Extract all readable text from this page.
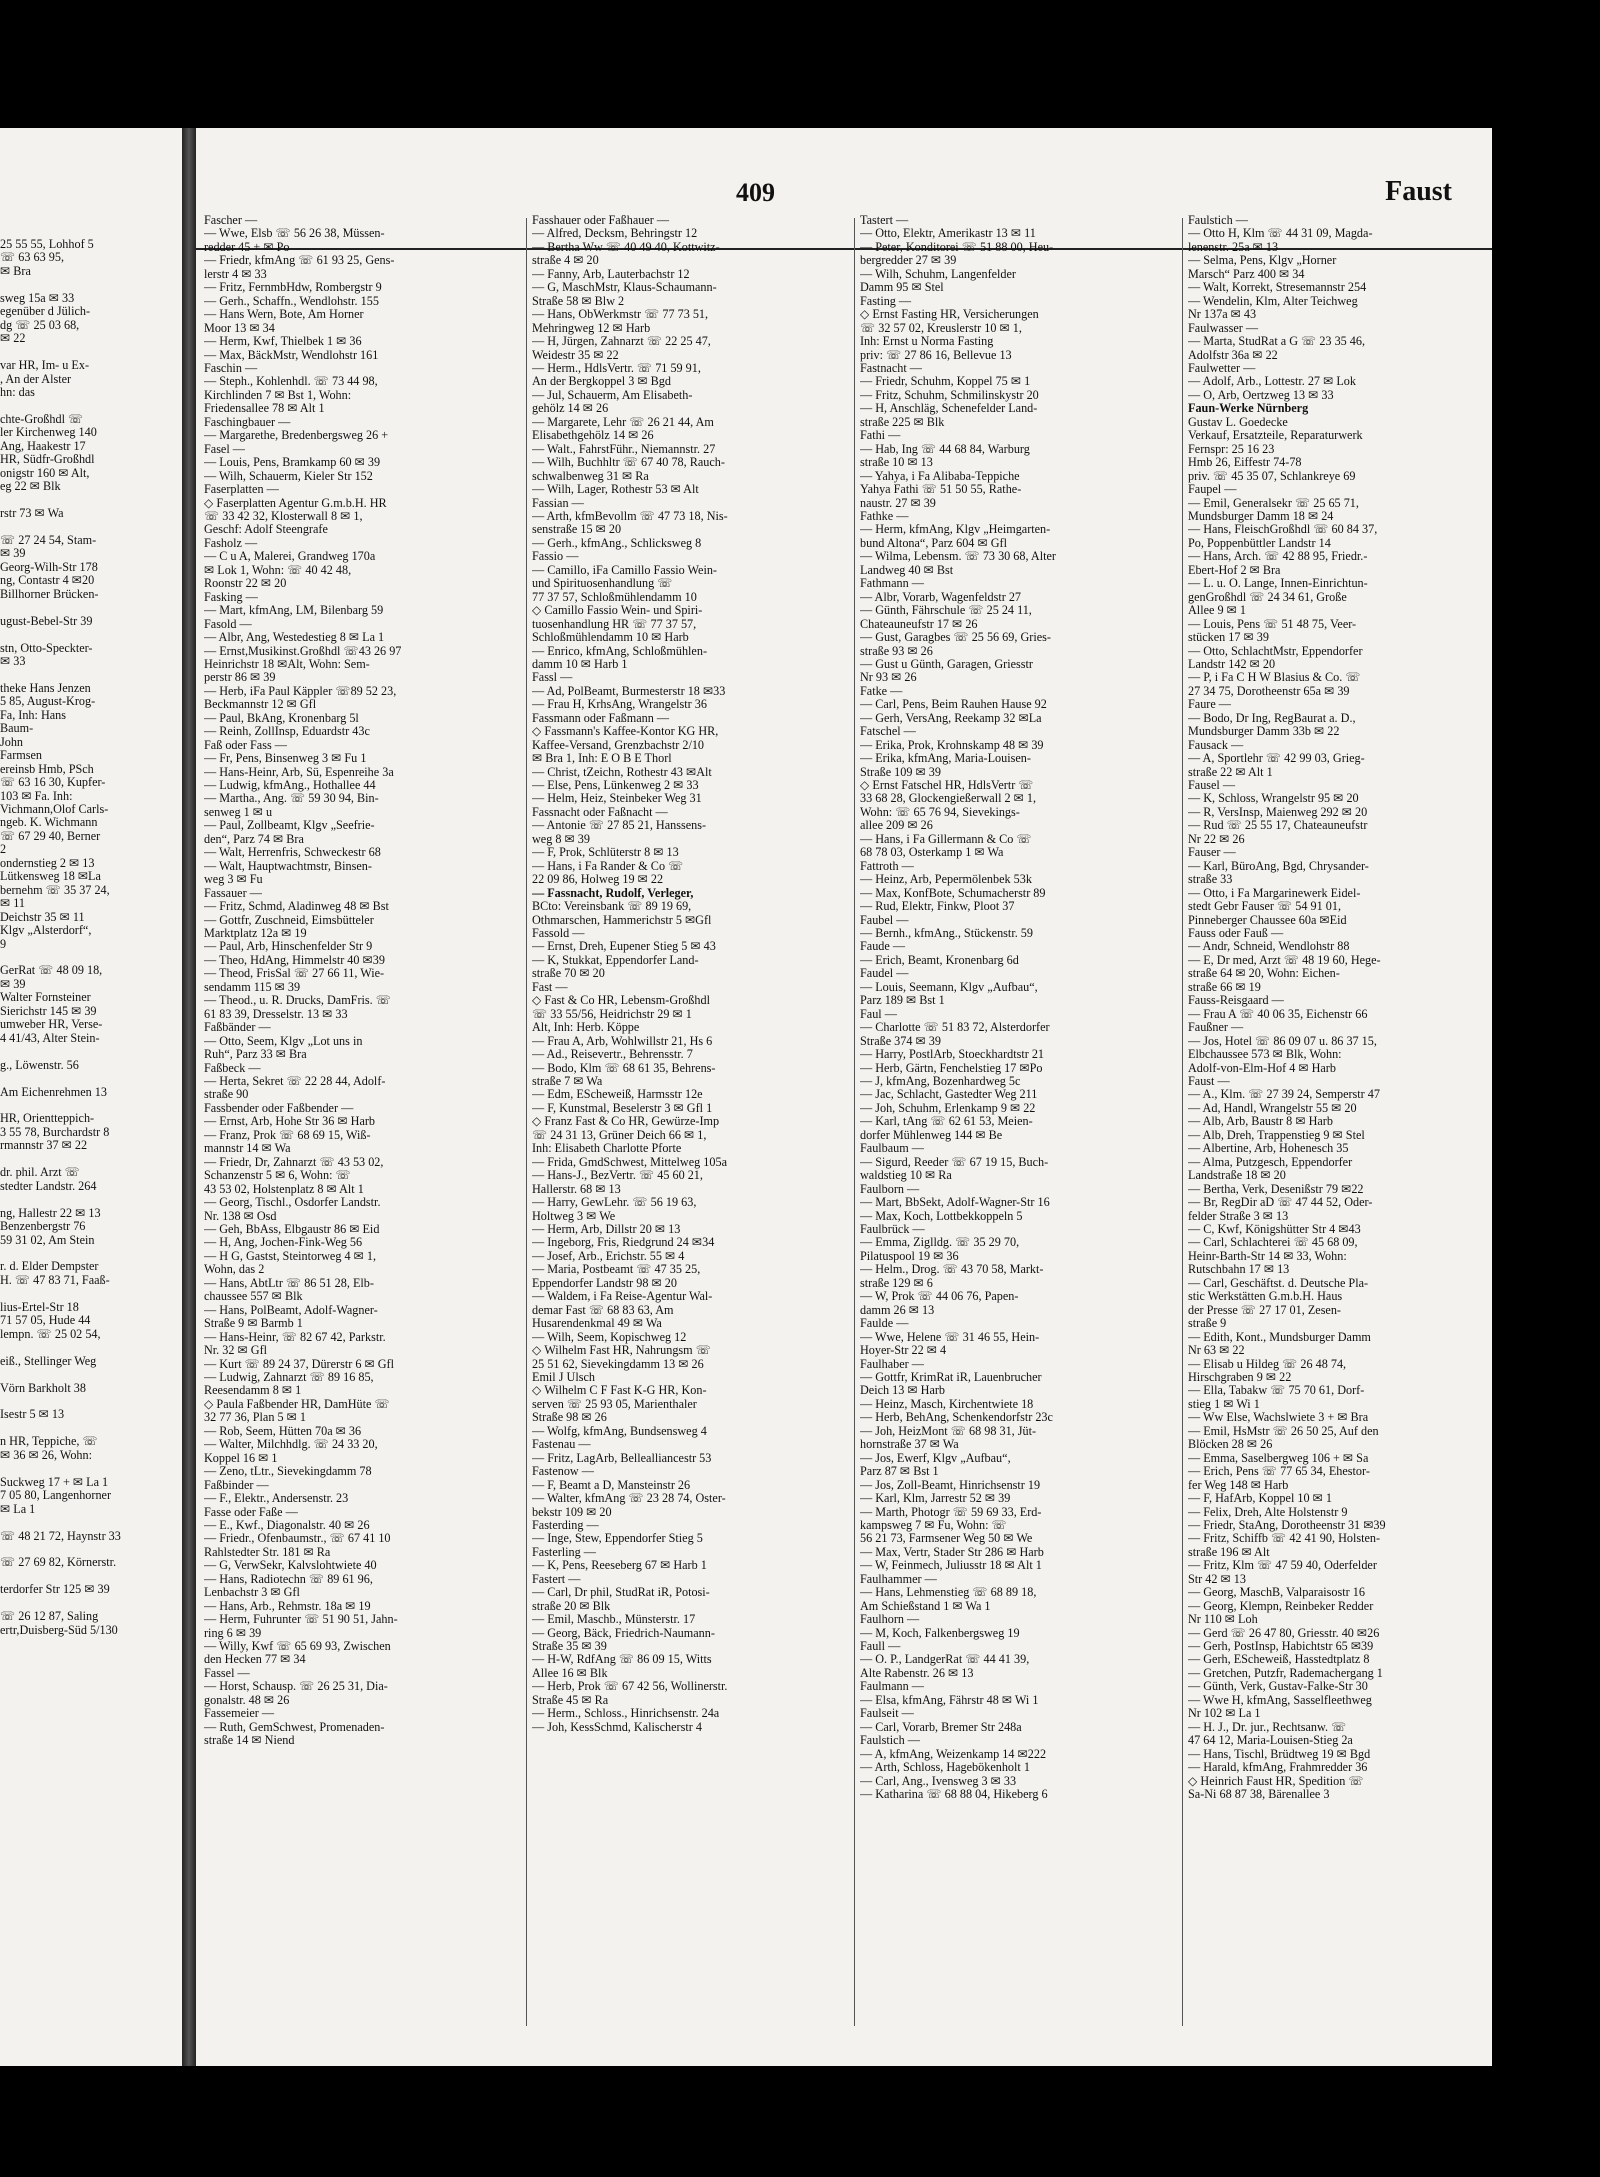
25 55 55, Lohhof 5
☏ 63 63 95,
✉ Bra

sweg 15a ✉ 33
egenüber d Jülich-
dg ☏ 25 03 68,
✉ 22

var HR, Im- u Ex-
, An der Alster
hn: das

chte-Großhdl ☏
ler Kirchenweg 140
Ang, Haakestr 17
HR, Südfr-Großhdl
onigstr 160 ✉ Alt,
eg 22 ✉ Blk

rstr 73 ✉ Wa

☏ 27 24 54, Stam-
✉ 39
Georg-Wilh-Str 178
ng, Contastr 4 ✉20
Billhorner Brücken-

ugust-Bebel-Str 39

stn, Otto-Speckter-
✉ 33

theke Hans Jenzen
5 85, August-Krog-
Fa, Inh: Hans
Baum-
John
Farmsen
ereinsb Hmb, PSch
☏ 63 16 30, Kupfer-
103 ✉ Fa. Inh:
Vichmann,Olof Carls-
ngeb. K. Wichmann
☏ 67 29 40, Berner
2
ondernstieg 2 ✉ 13
Lütkensweg 18 ✉La
bernehm ☏ 35 37 24,
✉ 11
Deichstr 35 ✉ 11
Klgv „Alsterdorf“,
9

GerRat ☏ 48 09 18,
✉ 39
Walter Fornsteiner
Sierichstr 145 ✉ 39
umweber HR, Verse-
4 41/43, Alter Stein-

g., Löwenstr. 56

Am Eichenrehmen 13

HR, Orientteppich-
3 55 78, Burchardstr 8
rmannstr 37 ✉ 22

dr. phil. Arzt ☏
stedter Landstr. 264

ng, Hallestr 22 ✉ 13
Benzenbergstr 76
59 31 02, Am Stein

r. d. Elder Dempster
H. ☏ 47 83 71, Faaß-

lius-Ertel-Str 18
71 57 05, Hude 44
lempn. ☏ 25 02 54,

eiß., Stellinger Weg

Vörn Barkholt 38

Isestr 5 ✉ 13

n HR, Teppiche, ☏
✉ 36 ✉ 26, Wohn:

Suckweg 17 + ✉ La 1
7 05 80, Langenhorner
✉ La 1

☏ 48 21 72, Haynstr 33

☏ 27 69 82, Körnerstr.

terdorfer Str 125 ✉ 39

☏ 26 12 87, Saling
ertr,Duisberg-Süd 5/130
409	Faust
Fascher —
— Wwe, Elsb ☏ 56 26 38, Müssen-
redder 45 + ✉ Po
— Friedr, kfmAng ☏ 61 93 25, Gens-
lerstr 4 ✉ 33
— Fritz, FernmbHdw, Rombergstr 9
— Gerh., Schaffn., Wendlohstr. 155
— Hans Wern, Bote, Am Horner
Moor 13 ✉ 34
— Herm, Kwf, Thielbek 1 ✉ 36
— Max, BäckMstr, Wendlohstr 161
Faschin —
— Steph., Kohlenhdl. ☏ 73 44 98,
Kirchlinden 7 ✉ Bst 1, Wohn:
Friedensallee 78 ✉ Alt 1
Faschingbauer —
— Margarethe, Bredenbergsweg 26 +
Fasel —
— Louis, Pens, Bramkamp 60 ✉ 39
— Wilh, Schauerm, Kieler Str 152
Faserplatten —
◇ Faserplatten Agentur G.m.b.H. HR
☏ 33 42 32, Klosterwall 8 ✉ 1,
Geschf: Adolf Steengrafe
Fasholz —
— C u A, Malerei, Grandweg 170a
✉ Lok 1, Wohn: ☏ 40 42 48,
Roonstr 22 ✉ 20
Fasking —
— Mart, kfmAng, LM, Bilenbarg 59
Fasold —
— Albr, Ang, Westedestieg 8 ✉ La 1
— Ernst,Musikinst.Großhdl ☏43 26 97
Heinrichstr 18 ✉Alt, Wohn: Sem-
perstr 86 ✉ 39
— Herb, iFa Paul Käppler ☏89 52 23,
Beckmannstr 12 ✉ Gfl
— Paul, BkAng, Kronenbarg 5l
— Reinh, ZollInsp, Eduardstr 43c
Faß oder Fass —
— Fr, Pens, Binsenweg 3 ✉ Fu 1
— Hans-Heinr, Arb, Sü, Espenreihe 3a
— Ludwig, kfmAng., Hothallee 44
— Martha., Ang. ☏ 59 30 94, Bin-
senweg 1 ✉ u
— Paul, Zollbeamt, Klgv „Seefrie-
den“, Parz 74 ✉ Bra
— Walt, Herrenfris, Schweckestr 68
— Walt, Hauptwachtmstr, Binsen-
weg 3 ✉ Fu
Fassauer —
— Fritz, Schmd, Aladinweg 48 ✉ Bst
— Gottfr, Zuschneid, Eimsbütteler
Marktplatz 12a ✉ 19
— Paul, Arb, Hinschenfelder Str 9
— Theo, HdAng, Himmelstr 40 ✉39
— Theod, FrisSal ☏ 27 66 11, Wie-
sendamm 115 ✉ 39
— Theod., u. R. Drucks, DamFris. ☏
61 83 39, Dresselstr. 13 ✉ 33
Faßbänder —
— Otto, Seem, Klgv „Lot uns in
Ruh“, Parz 33 ✉ Bra
Faßbeck —
— Herta, Sekret ☏ 22 28 44, Adolf-
straße 90
Fassbender oder Faßbender —
— Ernst, Arb, Hohe Str 36 ✉ Harb
— Franz, Prok ☏ 68 69 15, Wiß-
mannstr 14 ✉ Wa
— Friedr, Dr, Zahnarzt ☏ 43 53 02,
Schanzenstr 5 ✉ 6, Wohn: ☏
43 53 02, Holstenplatz 8 ✉ Alt 1
— Georg, Tischl., Osdorfer Landstr.
Nr. 138 ✉ Osd
— Geh, BbAss, Elbgaustr 86 ✉ Eid
— H, Ang, Jochen-Fink-Weg 56
— H G, Gastst, Steintorweg 4 ✉ 1,
Wohn, das 2
— Hans, AbtLtr ☏ 86 51 28, Elb-
chaussee 557 ✉ Blk
— Hans, PolBeamt, Adolf-Wagner-
Straße 9 ✉ Barmb 1
— Hans-Heinr, ☏ 82 67 42, Parkstr.
Nr. 32 ✉ Gfl
— Kurt ☏ 89 24 37, Dürerstr 6 ✉ Gfl
— Ludwig, Zahnarzt ☏ 89 16 85,
Reesendamm 8 ✉ 1
◇ Paula Faßbender HR, DamHüte ☏
32 77 36, Plan 5 ✉ 1
— Rob, Seem, Hütten 70a ✉ 36
— Walter, Milchhdlg. ☏ 24 33 20,
Koppel 16 ✉ 1
— Zeno, tLtr., Sievekingdamm 78
Faßbinder —
— F., Elektr., Andersenstr. 23
Fasse oder Faße —
— E., Kwf., Diagonalstr. 40 ✉ 26
— Friedr., Ofenbaumstr., ☏ 67 41 10
Rahlstedter Str. 181 ✉ Ra
— G, VerwSekr, Kalvslohtwiete 40
— Hans, Radiotechn ☏ 89 61 96,
Lenbachstr 3 ✉ Gfl
— Hans, Arb., Rehmstr. 18a ✉ 19
— Herm, Fuhrunter ☏ 51 90 51, Jahn-
ring 6 ✉ 39
— Willy, Kwf ☏ 65 69 93, Zwischen
den Hecken 77 ✉ 34
Fassel —
— Horst, Schausp. ☏ 26 25 31, Dia-
gonalstr. 48 ✉ 26
Fassemeier —
— Ruth, GemSchwest, Promenaden-
straße 14 ✉ Niend
Fasshauer oder Faßhauer —
— Alfred, Decksm, Behringstr 12
— Bertha Ww ☏ 40 49 40, Kottwitz-
straße 4 ✉ 20
— Fanny, Arb, Lauterbachstr 12
— G, MaschMstr, Klaus-Schaumann-
Straße 58 ✉ Blw 2
— Hans, ObWerkmstr ☏ 77 73 51,
Mehringweg 12 ✉ Harb
— H, Jürgen, Zahnarzt ☏ 22 25 47,
Weidestr 35 ✉ 22
— Herm., HdlsVertr. ☏ 71 59 91,
An der Bergkoppel 3 ✉ Bgd
— Jul, Schauerm, Am Elisabeth-
gehölz 14 ✉ 26
— Margarete, Lehr ☏ 26 21 44, Am
Elisabethgehölz 14 ✉ 26
— Walt., FahrstFühr., Niemannstr. 27
— Wilh, Buchhltr ☏ 67 40 78, Rauch-
schwalbenweg 31 ✉ Ra
— Wilh, Lager, Rothestr 53 ✉ Alt
Fassian —
— Arth, kfmBevollm ☏ 47 73 18, Nis-
senstraße 15 ✉ 20
— Gerh., kfmAng., Schlicksweg 8
Fassio —
— Camillo, iFa Camillo Fassio Wein-
und Spirituosenhandlung ☏
77 37 57, Schloßmühlendamm 10
◇ Camillo Fassio Wein- und Spiri-
tuosenhandlung HR ☏ 77 37 57,
Schloßmühlendamm 10 ✉ Harb
— Enrico, kfmAng, Schloßmühlen-
damm 10 ✉ Harb 1
Fassl —
— Ad, PolBeamt, Burmesterstr 18 ✉33
— Frau H, KrhsAng, Wrangelstr 36
Fassmann oder Faßmann —
◇ Fassmann's Kaffee-Kontor KG HR,
Kaffee-Versand, Grenzbachstr 2/10
✉ Bra 1, Inh: E O B E Thorl
— Christ, tZeichn, Rothestr 43 ✉Alt
— Else, Pens, Lünkenweg 2 ✉ 33
— Helm, Heiz, Steinbeker Weg 31
Fassnacht oder Faßnacht —
— Antonie ☏ 27 85 21, Hanssens-
weg 8 ✉ 39
— F, Prok, Schlüterstr 8 ✉ 13
— Hans, i Fa Rander & Co ☏
22 09 86, Holweg 19 ✉ 22
— Fassnacht, Rudolf, Verleger,
BCto: Vereinsbank ☏ 89 19 69,
Othmarschen, Hammerichstr 5 ✉Gfl
Fassold —
— Ernst, Dreh, Eupener Stieg 5 ✉ 43
— K, Stukkat, Eppendorfer Land-
straße 70 ✉ 20
Fast —
◇ Fast & Co HR, Lebensm-Großhdl
☏ 33 55/56, Heidrichstr 29 ✉ 1
Alt, Inh: Herb. Köppe
— Frau A, Arb, Wohlwillstr 21, Hs 6
— Ad., Reisevertr., Behrensstr. 7
— Bodo, Klm ☏ 68 61 35, Behrens-
straße 7 ✉ Wa
— Edm, EScheweiß, Harmsstr 12e
— F, Kunstmal, Beselerstr 3 ✉ Gfl 1
◇ Franz Fast & Co HR, Gewürze-Imp
☏ 24 31 13, Grüner Deich 66 ✉ 1,
Inh: Elisabeth Charlotte Pforte
— Frida, GmdSchwest, Mittelweg 105a
— Hans-J., BezVertr. ☏ 45 60 21,
Hallerstr. 68 ✉ 13
— Harry, GewLehr. ☏ 56 19 63,
Holtweg 3 ✉ We
— Herm, Arb, Dillstr 20 ✉ 13
— Ingeborg, Fris, Riedgrund 24 ✉34
— Josef, Arb., Erichstr. 55 ✉ 4
— Maria, Postbeamt ☏ 47 35 25,
Eppendorfer Landstr 98 ✉ 20
— Waldem, i Fa Reise-Agentur Wal-
demar Fast ☏ 68 83 63, Am
Husarendenkmal 49 ✉ Wa
— Wilh, Seem, Kopischweg 12
◇ Wilhelm Fast HR, Nahrungsm ☏
25 51 62, Sievekingdamm 13 ✉ 26
Emil J Ulsch
◇ Wilhelm C F Fast K-G HR, Kon-
serven ☏ 25 93 05, Marienthaler
Straße 98 ✉ 26
— Wolfg, kfmAng, Bundsensweg 4
Fastenau —
— Fritz, LagArb, Bellealliancestr 53
Fastenow —
— F, Beamt a D, Mansteinstr 26
— Walter, kfmAng ☏ 23 28 74, Oster-
bekstr 109 ✉ 20
Fasterding —
— Inge, Stew, Eppendorfer Stieg 5
Fasterling —
— K, Pens, Reeseberg 67 ✉ Harb 1
Fastert —
— Carl, Dr phil, StudRat iR, Potosi-
straße 20 ✉ Blk
— Emil, Maschb., Münsterstr. 17
— Georg, Bäck, Friedrich-Naumann-
Straße 35 ✉ 39
— H-W, RdfAng ☏ 86 09 15, Witts
Allee 16 ✉ Blk
— Herb, Prok ☏ 67 42 56, Wollinerstr.
Straße 45 ✉ Ra
— Herm., Schloss., Hinrichsenstr. 24a
— Joh, KessSchmd, Kalischerstr 4
Tastert —
— Otto, Elektr, Amerikastr 13 ✉ 11
— Peter, Konditorei ☏ 51 88 00, Heu-
bergredder 27 ✉ 39
— Wilh, Schuhm, Langenfelder
Damm 95 ✉ Stel
Fasting —
◇ Ernst Fasting HR, Versicherungen
☏ 32 57 02, Kreuslerstr 10 ✉ 1,
Inh: Ernst u Norma Fasting
priv: ☏ 27 86 16, Bellevue 13
Fastnacht —
— Friedr, Schuhm, Koppel 75 ✉ 1
— Fritz, Schuhm, Schmilinskystr 20
— H, Anschläg, Schenefelder Land-
straße 225 ✉ Blk
Fathi —
— Hab, Ing ☏ 44 68 84, Warburg
straße 10 ✉ 13
— Yahya, i Fa Alibaba-Teppiche
Yahya Fathi ☏ 51 50 55, Rathe-
naustr. 27 ✉ 39
Fathke —
— Herm, kfmAng, Klgv „Heimgarten-
bund Altona“, Parz 604 ✉ Gfl
— Wilma, Lebensm. ☏ 73 30 68, Alter
Landweg 40 ✉ Bst
Fathmann —
— Albr, Vorarb, Wagenfeldstr 27
— Günth, Fährschule ☏ 25 24 11,
Chateauneufstr 17 ✉ 26
— Gust, Garagbes ☏ 25 56 69, Gries-
straße 93 ✉ 26
— Gust u Günth, Garagen, Griesstr
Nr 93 ✉ 26
Fatke —
— Carl, Pens, Beim Rauhen Hause 92
— Gerh, VersAng, Reekamp 32 ✉La
Fatschel —
— Erika, Prok, Krohnskamp 48 ✉ 39
— Erika, kfmAng, Maria-Louisen-
Straße 109 ✉ 39
◇ Ernst Fatschel HR, HdlsVertr ☏
33 68 28, Glockengießerwall 2 ✉ 1,
Wohn: ☏ 65 76 94, Sievekings-
allee 209 ✉ 26
— Hans, i Fa Gillermann & Co ☏
68 78 03, Osterkamp 1 ✉ Wa
Fattroth —
— Heinz, Arb, Pepermölenbek 53k
— Max, KonfBote, Schumacherstr 89
— Rud, Elektr, Finkw, Ploot 37
Faubel —
— Bernh., kfmAng., Stückenstr. 59
Faude —
— Erich, Beamt, Kronenbarg 6d
Faudel —
— Louis, Seemann, Klgv „Aufbau“,
Parz 189 ✉ Bst 1
Faul —
— Charlotte ☏ 51 83 72, Alsterdorfer
Straße 374 ✉ 39
— Harry, PostlArb, Stoeckhardtstr 21
— Herb, Gärtn, Fenchelstieg 17 ✉Po
— J, kfmAng, Bozenhardweg 5c
— Jac, Schlacht, Gastedter Weg 211
— Joh, Schuhm, Erlenkamp 9 ✉ 22
— Karl, tAng ☏ 62 61 53, Meien-
dorfer Mühlenweg 144 ✉ Be
Faulbaum —
— Sigurd, Reeder ☏ 67 19 15, Buch-
waldstieg 10 ✉ Ra
Faulborn —
— Mart, BbSekt, Adolf-Wagner-Str 16
— Max, Koch, Lottbekkoppeln 5
Faulbrück —
— Emma, Ziglldg. ☏ 35 29 70,
Pilatuspool 19 ✉ 36
— Helm., Drog. ☏ 43 70 58, Markt-
straße 129 ✉ 6
— W, Prok ☏ 44 06 76, Papen-
damm 26 ✉ 13
Faulde —
— Wwe, Helene ☏ 31 46 55, Hein-
Hoyer-Str 22 ✉ 4
Faulhaber —
— Gottfr, KrimRat iR, Lauenbrucher
Deich 13 ✉ Harb
— Heinz, Masch, Kirchentwiete 18
— Herb, BehAng, Schenkendorfstr 23c
— Joh, HeizMont ☏ 68 98 31, Jüt-
hornstraße 37 ✉ Wa
— Jos, Ewerf, Klgv „Aufbau“,
Parz 87 ✉ Bst 1
— Jos, Zoll-Beamt, Hinrichsenstr 19
— Karl, Klm, Jarrestr 52 ✉ 39
— Marth, Photogr ☏ 59 69 33, Erd-
kampsweg 7 ✉ Fu, Wohn: ☏
56 21 73, Farmsener Weg 50 ✉ We
— Max, Vertr, Stader Str 286 ✉ Harb
— W, Feinmech, Juliusstr 18 ✉ Alt 1
Faulhammer —
— Hans, Lehmenstieg ☏ 68 89 18,
Am Schießstand 1 ✉ Wa 1
Faulhorn —
— M, Koch, Falkenbergsweg 19
Faull —
— O. P., LandgerRat ☏ 44 41 39,
Alte Rabenstr. 26 ✉ 13
Faulmann —
— Elsa, kfmAng, Fährstr 48 ✉ Wi 1
Faulseit —
— Carl, Vorarb, Bremer Str 248a
Faulstich —
— A, kfmAng, Weizenkamp 14 ✉222
— Arth, Schloss, Hagebökenholt 1
— Carl, Ang., Ivensweg 3 ✉ 33
— Katharina ☏ 68 88 04, Hikeberg 6
Faulstich —
— Otto H, Klm ☏ 44 31 09, Magda-
lenenstr. 25a ✉ 13
— Selma, Pens, Klgv „Horner
Marsch“ Parz 400 ✉ 34
— Walt, Korrekt, Stresemannstr 254
— Wendelin, Klm, Alter Teichweg
Nr 137a ✉ 43
Faulwasser —
— Marta, StudRat a G ☏ 23 35 46,
Adolfstr 36a ✉ 22
Faulwetter —
— Adolf, Arb., Lottestr. 27 ✉ Lok
— O, Arb, Oertzweg 13 ✉ 33
Faun-Werke Nürnberg
Gustav L. Goedecke
Verkauf, Ersatzteile, Reparaturwerk
Fernspr: 25 16 23
Hmb 26, Eiffestr 74-78
priv. ☏ 45 35 07, Schlankreye 69
Faupel —
— Emil, Generalsekr ☏ 25 65 71,
Mundsburger Damm 18 ✉ 24
— Hans, FleischGroßhdl ☏ 60 84 37,
Po, Poppenbüttler Landstr 14
— Hans, Arch. ☏ 42 88 95, Friedr.-
Ebert-Hof 2 ✉ Bra
— L. u. O. Lange, Innen-Einrichtun-
genGroßhdl ☏ 24 34 61, Große
Allee 9 ✉ 1
— Louis, Pens ☏ 51 48 75, Veer-
stücken 17 ✉ 39
— Otto, SchlachtMstr, Eppendorfer
Landstr 142 ✉ 20
— P, i Fa C H W Blasius & Co. ☏
27 34 75, Dorotheenstr 65a ✉ 39
Faure —
— Bodo, Dr Ing, RegBaurat a. D.,
Mundsburger Damm 33b ✉ 22
Fausack —
— A, Sportlehr ☏ 42 99 03, Grieg-
straße 22 ✉ Alt 1
Fausel —
— K, Schloss, Wrangelstr 95 ✉ 20
— R, VersInsp, Maienweg 292 ✉ 20
— Rud ☏ 25 55 17, Chateauneufstr
Nr 22 ✉ 26
Fauser —
— Karl, BüroAng, Bgd, Chrysander-
straße 33
— Otto, i Fa Margarinewerk Eidel-
stedt Gebr Fauser ☏ 54 91 01,
Pinneberger Chaussee 60a ✉Eid
Fauss oder Fauß —
— Andr, Schneid, Wendlohstr 88
— E, Dr med, Arzt ☏ 48 19 60, Hege-
straße 64 ✉ 20, Wohn: Eichen-
straße 66 ✉ 19
Fauss-Reisgaard —
— Frau A ☏ 40 06 35, Eichenstr 66
Faußner —
— Jos, Hotel ☏ 86 09 07 u. 86 37 15,
Elbchaussee 573 ✉ Blk, Wohn:
Adolf-von-Elm-Hof 4 ✉ Harb
Faust —
— A., Klm. ☏ 27 39 24, Semperstr 47
— Ad, Handl, Wrangelstr 55 ✉ 20
— Alb, Arb, Baustr 8 ✉ Harb
— Alb, Dreh, Trappenstieg 9 ✉ Stel
— Albertine, Arb, Hohenesch 35
— Alma, Putzgesch, Eppendorfer
Landstraße 18 ✉ 20
— Bertha, Verk, Desenißstr 79 ✉22
— Br, RegDir aD ☏ 47 44 52, Oder-
felder Straße 3 ✉ 13
— C, Kwf, Königshütter Str 4 ✉43
— Carl, Schlachterei ☏ 45 68 09,
Heinr-Barth-Str 14 ✉ 33, Wohn:
Rutschbahn 17 ✉ 13
— Carl, Geschäftst. d. Deutsche Pla-
stic Werkstätten G.m.b.H. Haus
der Presse ☏ 27 17 01, Zesen-
straße 9
— Edith, Kont., Mundsburger Damm
Nr 63 ✉ 22
— Elisab u Hildeg ☏ 26 48 74,
Hirschgraben 9 ✉ 22
— Ella, Tabakw ☏ 75 70 61, Dorf-
stieg 1 ✉ Wi 1
— Ww Else, Wachslwiete 3 + ✉ Bra
— Emil, HsMstr ☏ 26 50 25, Auf den
Blöcken 28 ✉ 26
— Emma, Saselbergweg 106 + ✉ Sa
— Erich, Pens ☏ 77 65 34, Ehestor-
fer Weg 148 ✉ Harb
— F, HafArb, Koppel 10 ✉ 1
— Felix, Dreh, Alte Holstenstr 9
— Friedr, StaAng, Dorotheenstr 31 ✉39
— Fritz, Schiffb ☏ 42 41 90, Holsten-
straße 196 ✉ Alt
— Fritz, Klm ☏ 47 59 40, Oderfelder
Str 42 ✉ 13
— Georg, MaschB, Valparaisostr 16
— Georg, Klempn, Reinbeker Redder
Nr 110 ✉ Loh
— Gerd ☏ 26 47 80, Griesstr. 40 ✉26
— Gerh, PostInsp, Habichtstr 65 ✉39
— Gerh, EScheweiß, Hasstedtplatz 8
— Gretchen, Putzfr, Rademachergang 1
— Günth, Verk, Gustav-Falke-Str 30
— Wwe H, kfmAng, Sasselfleethweg
Nr 102 ✉ La 1
— H. J., Dr. jur., Rechtsanw. ☏
47 64 12, Maria-Louisen-Stieg 2a
— Hans, Tischl, Brüdtweg 19 ✉ Bgd
— Harald, kfmAng, Frahmredder 36
◇ Heinrich Faust HR, Spedition ☏
Sa-Ni 68 87 38, Bärenallee 3
